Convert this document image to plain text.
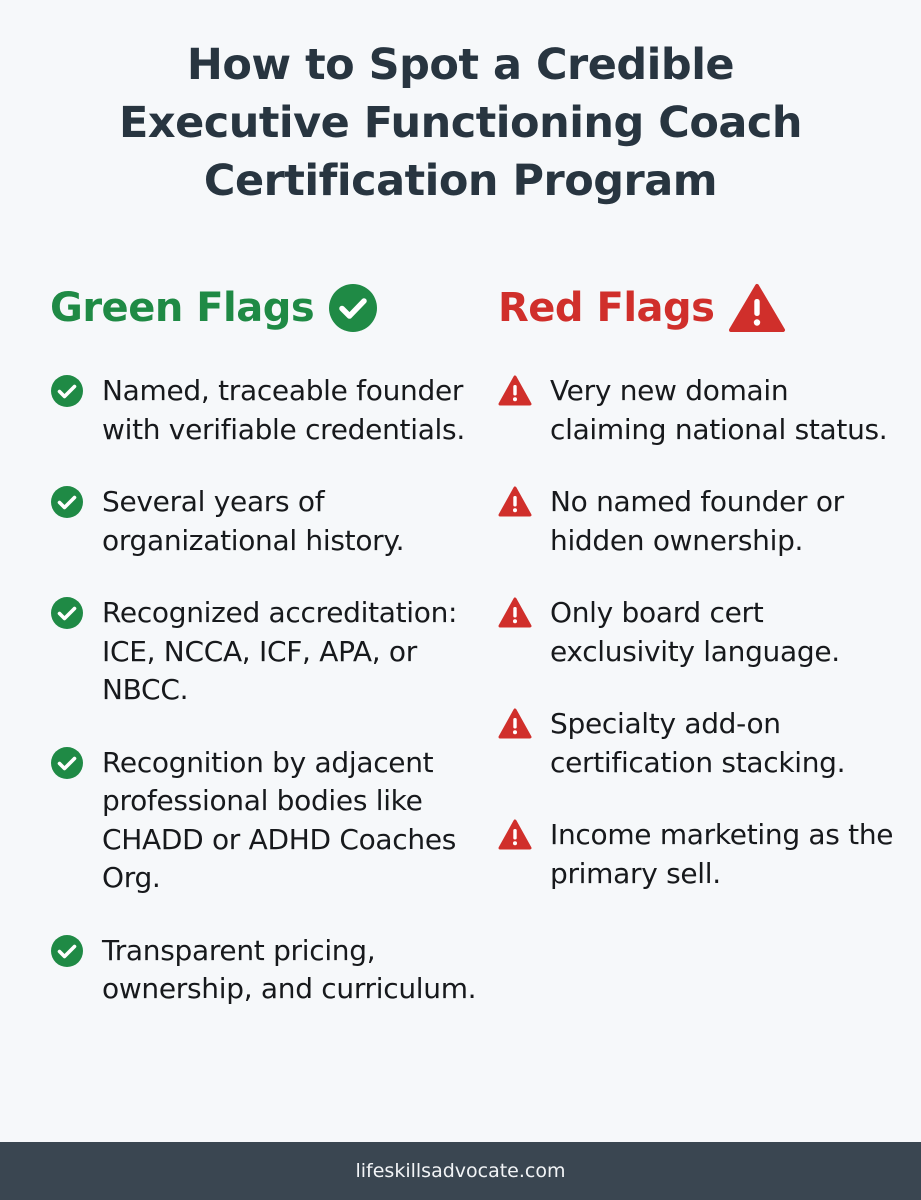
How to Spot a Credible
Executive Functioning Coach
Certification Program
Green Flags
Named, traceable founder with verifiable credentials.
Several years of organizational history.
Recognized accreditation: ICE, NCCA, ICF, APA, or NBCC.
Recognition by adjacent professional bodies like CHADD or ADHD Coaches Org.
Transparent pricing, ownership, and curriculum.
Red Flags
Very new domain claiming national status.
No named founder or hidden ownership.
Only board cert exclusivity language.
Specialty add-on certification stacking.
Income marketing as the primary sell.
lifeskillsadvocate.com
